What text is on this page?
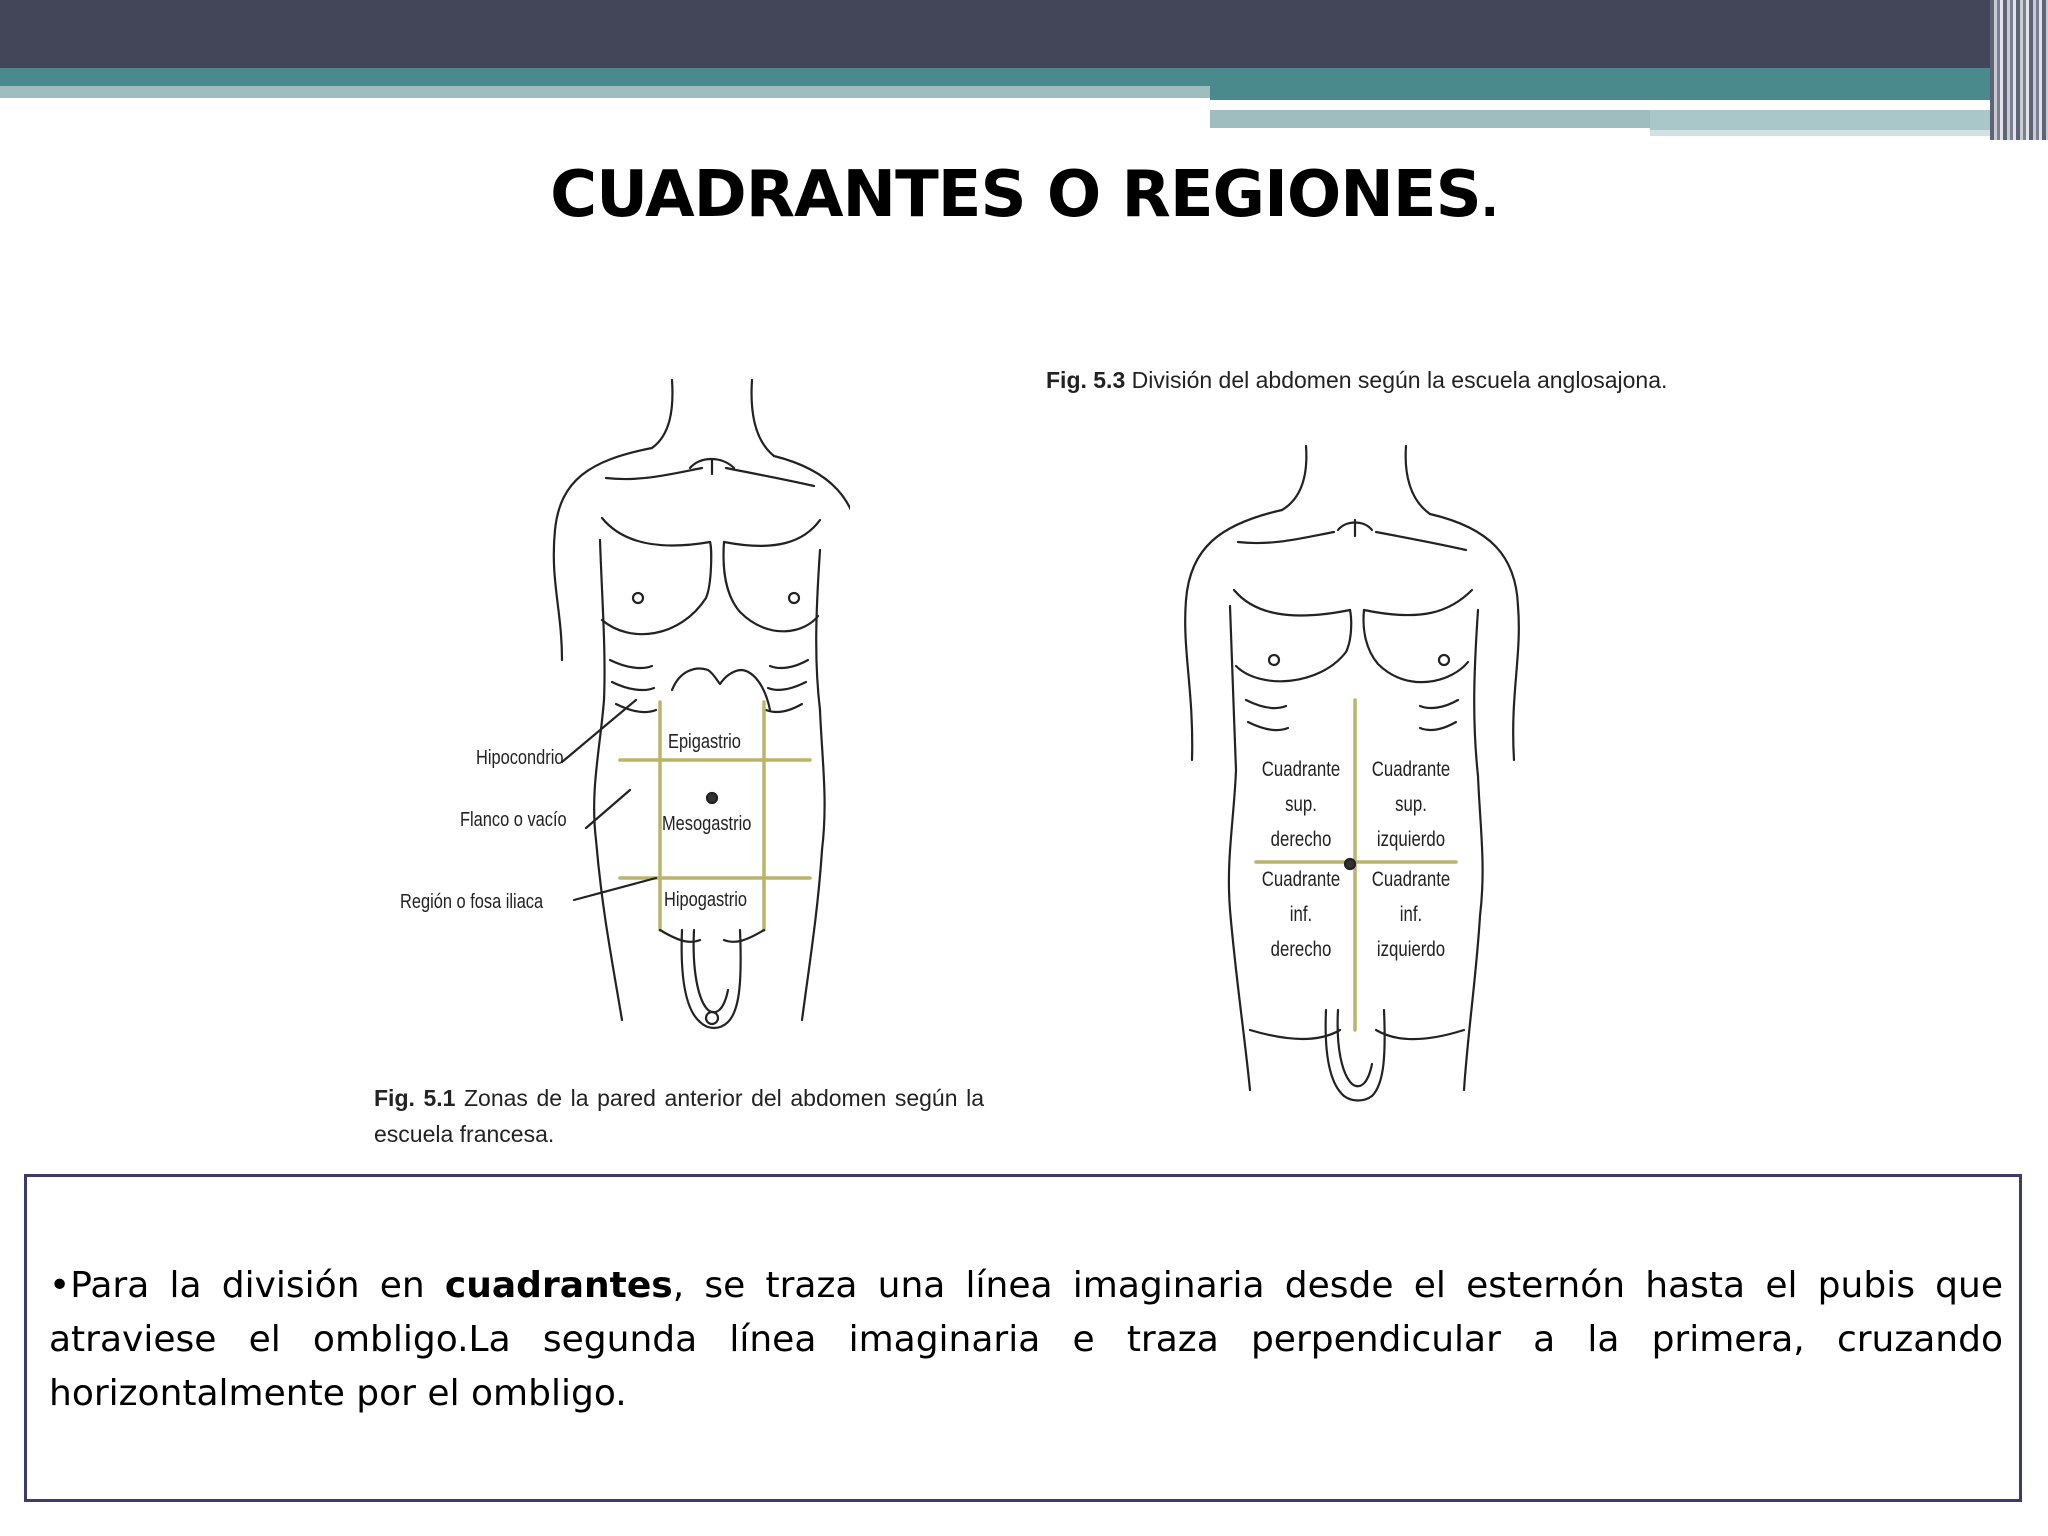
CUADRANTES O REGIONES.
Fig. 5.3 División del abdomen según la escuela anglosajona.
Hipocondrio
Flanco o vacío
Región o fosa iliaca
Epigastrio
Mesogastrio
Hipogastrio
Fig. 5.1 Zonas de la pared anterior del abdomen según la escuela francesa.
Cuadrante
sup.
derecho
Cuadrante
sup.
izquierdo
Cuadrante
inf.
derecho
Cuadrante
inf.
izquierdo

•Para la división en cuadrantes, se traza una línea imaginaria desde el esternón hasta el pubis que atraviese el ombligo.La segunda línea imaginaria e traza perpendicular a la primera, cruzando horizontalmente por el ombligo.
